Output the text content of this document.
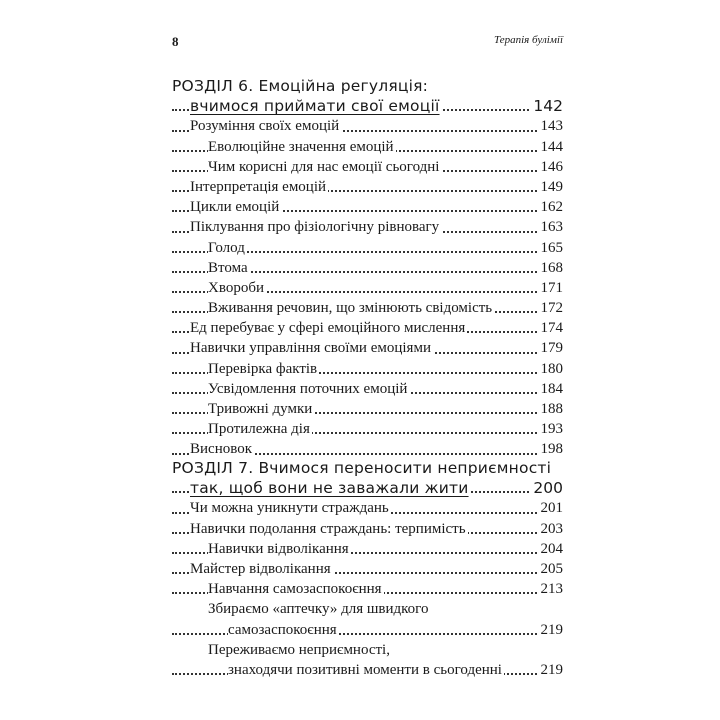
8	Терапія булімії
РОЗДІЛ 6. Емоційна регуляція:
вчимося приймати свої емоції	142
Розуміння своїх емоцій	143
Еволюційне значення емоцій	144
Чим корисні для нас емоції сьогодні	146
Інтерпретація емоцій	149
Цикли емоцій	162
Піклування про фізіологічну рівновагу	163
Голод	165
Втома	168
Хвороби	171
Вживання речовин, що змінюють свідомість	172
Ед перебуває у сфері емоційного мислення	174
Навички управління своїми емоціями	179
Перевірка фактів	180
Усвідомлення поточних емоцій	184
Тривожні думки	188
Протилежна дія	193
Висновок	198
РОЗДІЛ 7. Вчимося переносити неприємності
так, щоб вони не заважали жити	200
Чи можна уникнути страждань	201
Навички подолання страждань: терпимість	203
Навички відволікання	204
Майстер відволікання	205
Навчання самозаспокоєння	213
Збираємо «аптечку» для швидкого
самозаспокоєння	219
Переживаємо неприємності,
знаходячи позитивні моменти в сьогоденні	219
